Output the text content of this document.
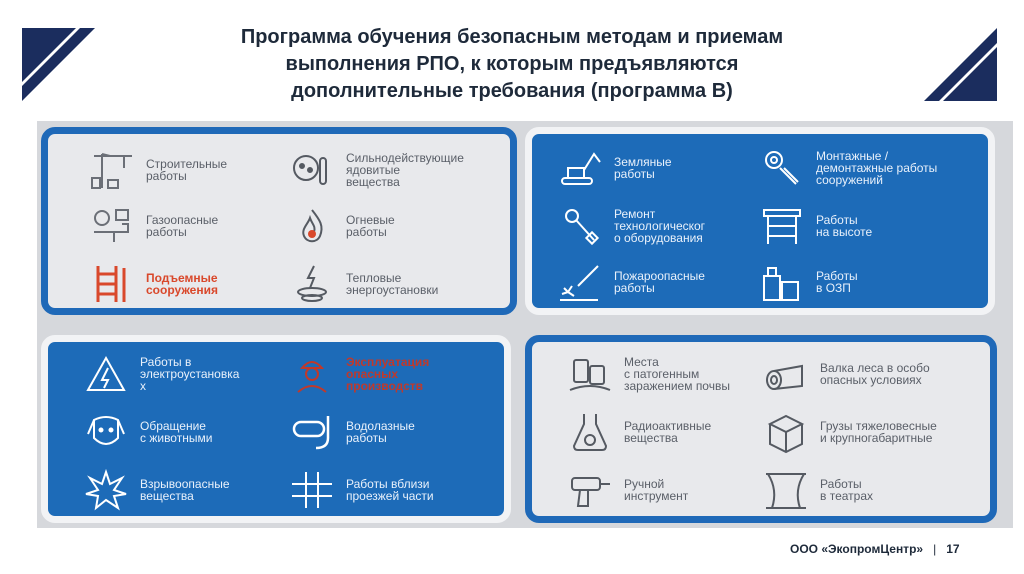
Программа обучения безопасным методам и приемам
выполнения РПО, к которым предъявляются
дополнительные требования (программа В)
Строительные
работы
Сильнодействующие
ядовитые
вещества
Газоопасные
работы
Огневые
работы
Подъемные
сооружения
Тепловые
энергоустановки
Земляные
работы
Монтажные /
демонтажные работы
сооружений
Ремонт
технологическог
о оборудования
Работы
на высоте
Пожароопасные
работы
Работы
в ОЗП
Работы в
электроустановка
х
Эксплуатация
опасных
производств
Обращение
с животными
Водолазные
работы
Взрывоопасные
вещества
Работы вблизи
проезжей части
Места
с патогенным
заражением почвы
Валка леса в особо
опасных условиях
Радиоактивные
вещества
Грузы тяжеловесные
и крупногабаритные
Ручной
инструмент
Работы
в театрах
ООО «ЭкопромЦентр» | 17
